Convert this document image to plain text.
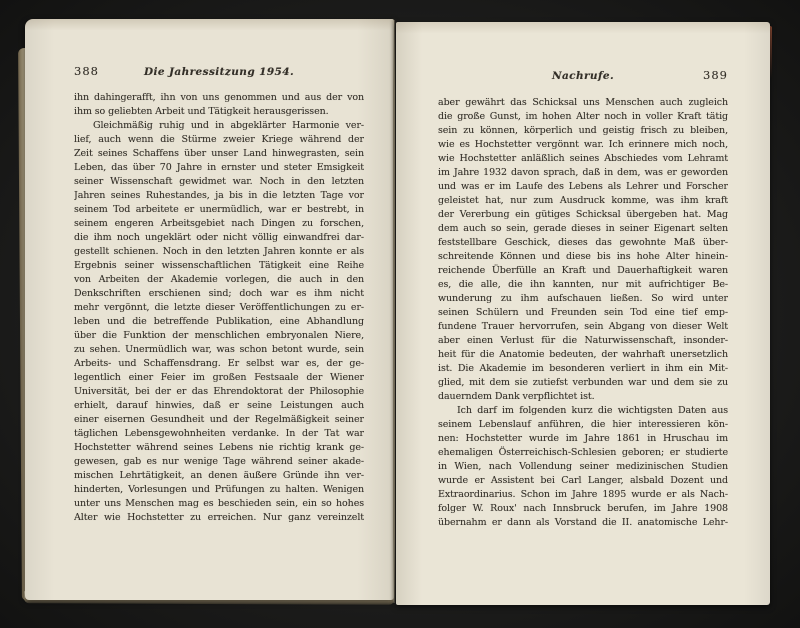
388	Die Jahressitzung 1954.
ihn dahingerafft, ihn von uns genommen und aus der von
ihm so geliebten Arbeit und Tätigkeit herausgerissen.
Gleichmäßig ruhig und in abgeklärter Harmonie ver-
lief, auch wenn die Stürme zweier Kriege während der
Zeit seines Schaffens über unser Land hinwegrasten, sein
Leben, das über 70 Jahre in ernster und steter Emsigkeit
seiner Wissenschaft gewidmet war. Noch in den letzten
Jahren seines Ruhestandes, ja bis in die letzten Tage vor
seinem Tod arbeitete er unermüdlich, war er bestrebt, in
seinem engeren Arbeitsgebiet nach Dingen zu forschen,
die ihm noch ungeklärt oder nicht völlig einwandfrei dar-
gestellt schienen. Noch in den letzten Jahren konnte er als
Ergebnis seiner wissenschaftlichen Tätigkeit eine Reihe
von Arbeiten der Akademie vorlegen, die auch in den
Denkschriften erschienen sind; doch war es ihm nicht
mehr vergönnt, die letzte dieser Veröffentlichungen zu er-
leben und die betreffende Publikation, eine Abhandlung
über die Funktion der menschlichen embryonalen Niere,
zu sehen. Unermüdlich war, was schon betont wurde, sein
Arbeits- und Schaffensdrang. Er selbst war es, der ge-
legentlich einer Feier im großen Festsaale der Wiener
Universität, bei der er das Ehrendoktorat der Philosophie
erhielt, darauf hinwies, daß er seine Leistungen auch
einer eisernen Gesundheit und der Regelmäßigkeit seiner
täglichen Lebensgewohnheiten verdanke. In der Tat war
Hochstetter während seines Lebens nie richtig krank ge-
gewesen, gab es nur wenige Tage während seiner akade-
mischen Lehrtätigkeit, an denen äußere Gründe ihn ver-
hinderten, Vorlesungen und Prüfungen zu halten. Wenigen
unter uns Menschen mag es beschieden sein, ein so hohes
Alter wie Hochstetter zu erreichen. Nur ganz vereinzelt
Nachrufe.	389
aber gewährt das Schicksal uns Menschen auch zugleich
die große Gunst, im hohen Alter noch in voller Kraft tätig
sein zu können, körperlich und geistig frisch zu bleiben,
wie es Hochstetter vergönnt war. Ich erinnere mich noch,
wie Hochstetter anläßlich seines Abschiedes vom Lehramt
im Jahre 1932 davon sprach, daß in dem, was er geworden
und was er im Laufe des Lebens als Lehrer und Forscher
geleistet hat, nur zum Ausdruck komme, was ihm kraft
der Vererbung ein gütiges Schicksal übergeben hat. Mag
dem auch so sein, gerade dieses in seiner Eigenart selten
feststellbare Geschick, dieses das gewohnte Maß über-
schreitende Können und diese bis ins hohe Alter hinein-
reichende Überfülle an Kraft und Dauerhaftigkeit waren
es, die alle, die ihn kannten, nur mit aufrichtiger Be-
wunderung zu ihm aufschauen ließen. So wird unter
seinen Schülern und Freunden sein Tod eine tief emp-
fundene Trauer hervorrufen, sein Abgang von dieser Welt
aber einen Verlust für die Naturwissenschaft, insonder-
heit für die Anatomie bedeuten, der wahrhaft unersetzlich
ist. Die Akademie im besonderen verliert in ihm ein Mit-
glied, mit dem sie zutiefst verbunden war und dem sie zu
dauerndem Dank verpflichtet ist.
Ich darf im folgenden kurz die wichtigsten Daten aus
seinem Lebenslauf anführen, die hier interessieren kön-
nen: Hochstetter wurde im Jahre 1861 in Hruschau im
ehemaligen Österreichisch-Schlesien geboren; er studierte
in Wien, nach Vollendung seiner medizinischen Studien
wurde er Assistent bei Carl Langer, alsbald Dozent und
Extraordinarius. Schon im Jahre 1895 wurde er als Nach-
folger W. Roux' nach Innsbruck berufen, im Jahre 1908
übernahm er dann als Vorstand die II. anatomische Lehr-
